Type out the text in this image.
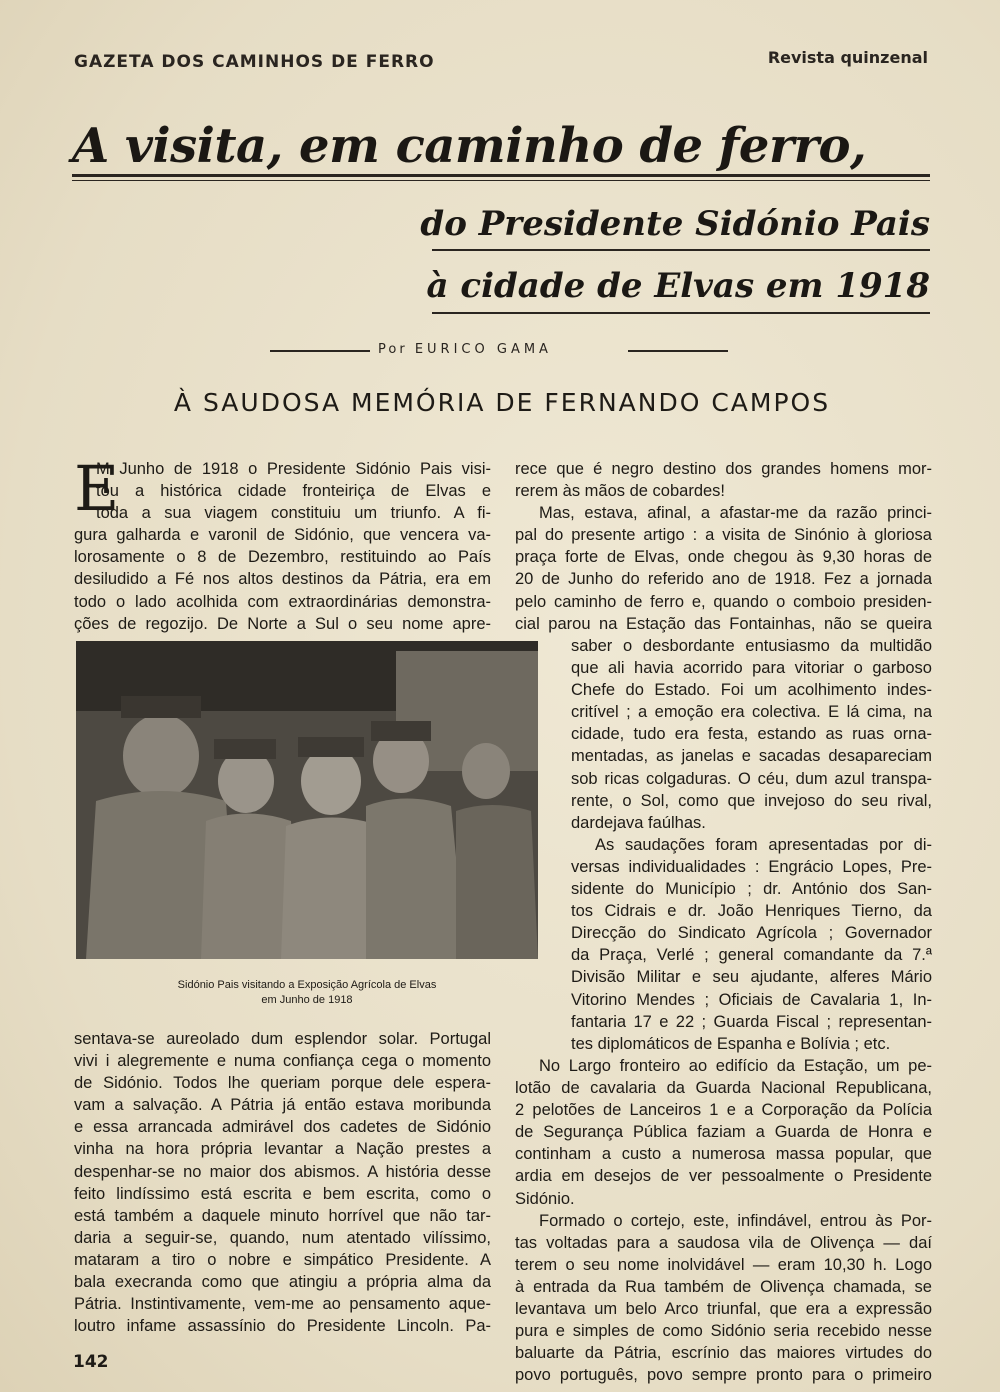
GAZETA DOS CAMINHOS DE FERRO	Revista quinzenal
A visita, em caminho de ferro,
do Presidente Sidónio Pais
à cidade de Elvas em 1918
Por EURICO GAMA
À SAUDOSA MEMÓRIA DE FERNANDO CAMPOS
E
M Junho de 1918 o Presidente Sidónio Pais visi-
tou a histórica cidade fronteiriça de Elvas e
toda a sua viagem constituiu um triunfo. A fi-
gura galharda e varonil de Sidónio, que vencera va-
lorosamente o 8 de Dezembro, restituindo ao País
desiludido a Fé nos altos destinos da Pátria, era em
todo o lado acolhida com extraordinárias demonstra-
ções de regozijo. De Norte a Sul o seu nome apre-
Sidónio Pais visitando a Exposição Agrícola de Elvas
em Junho de 1918
sentava-se aureolado dum esplendor solar. Portugal
vivi i alegremente e numa confiança cega o momento
de Sidónio. Todos lhe queriam porque dele espera-
vam a salvação. A Pátria já então estava moribunda
e essa arrancada admirável dos cadetes de Sidónio
vinha na hora própria levantar a Nação prestes a
despenhar-se no maior dos abismos. A história desse
feito lindíssimo está escrita e bem escrita, como o
está também a daquele minuto horrível que não tar-
daria a seguir-se, quando, num atentado vilíssimo,
mataram a tiro o nobre e simpático Presidente. A
bala execranda como que atingiu a própria alma da
Pátria. Instintivamente, vem-me ao pensamento aque-
loutro infame assassínio do Presidente Lincoln. Pa-
rece que é negro destino dos grandes homens mor-
rerem às mãos de cobardes!
Mas, estava, afinal, a afastar-me da razão princi-
pal do presente artigo : a visita de Sinónio à gloriosa
praça forte de Elvas, onde chegou às 9,30 horas de
20 de Junho do referido ano de 1918. Fez a jornada
pelo caminho de ferro e, quando o comboio presiden-
cial parou na Estação das Fontainhas, não se queira
saber o desbordante entusiasmo da multidão
que ali havia acorrido para vitoriar o garboso
Chefe do Estado. Foi um acolhimento indes-
critível ; a emoção era colectiva. E lá cima, na
cidade, tudo era festa, estando as ruas orna-
mentadas, as janelas e sacadas desapareciam
sob ricas colgaduras. O céu, dum azul transpa-
rente, o Sol, como que invejoso do seu rival,
dardejava faúlhas.
As saudações foram apresentadas por di-
versas individualidades : Engrácio Lopes, Pre-
sidente do Município ; dr. António dos San-
tos Cidrais e dr. João Henriques Tierno, da
Direcção do Sindicato Agrícola ; Governador
da Praça, Verlé ; general comandante da 7.ª
Divisão Militar e seu ajudante, alferes Mário
Vitorino Mendes ; Oficiais de Cavalaria 1, In-
fantaria 17 e 22 ; Guarda Fiscal ; representan-
tes diplomáticos de Espanha e Bolívia ; etc.
No Largo fronteiro ao edifício da Estação, um pe-
lotão de cavalaria da Guarda Nacional Republicana,
2 pelotões de Lanceiros 1 e a Corporação da Polícia
de Segurança Pública faziam a Guarda de Honra e
continham a custo a numerosa massa popular, que
ardia em desejos de ver pessoalmente o Presidente
Sidónio.
Formado o cortejo, este, infindável, entrou às Por-
tas voltadas para a saudosa vila de Olivença — daí
terem o seu nome inolvidável — eram 10,30 h. Logo
à entrada da Rua também de Olivença chamada, se
levantava um belo Arco triunfal, que era a expressão
pura e simples de como Sidónio seria recebido nesse
baluarte da Pátria, escrínio das maiores virtudes do
povo português, povo sempre pronto para o primeiro
142
